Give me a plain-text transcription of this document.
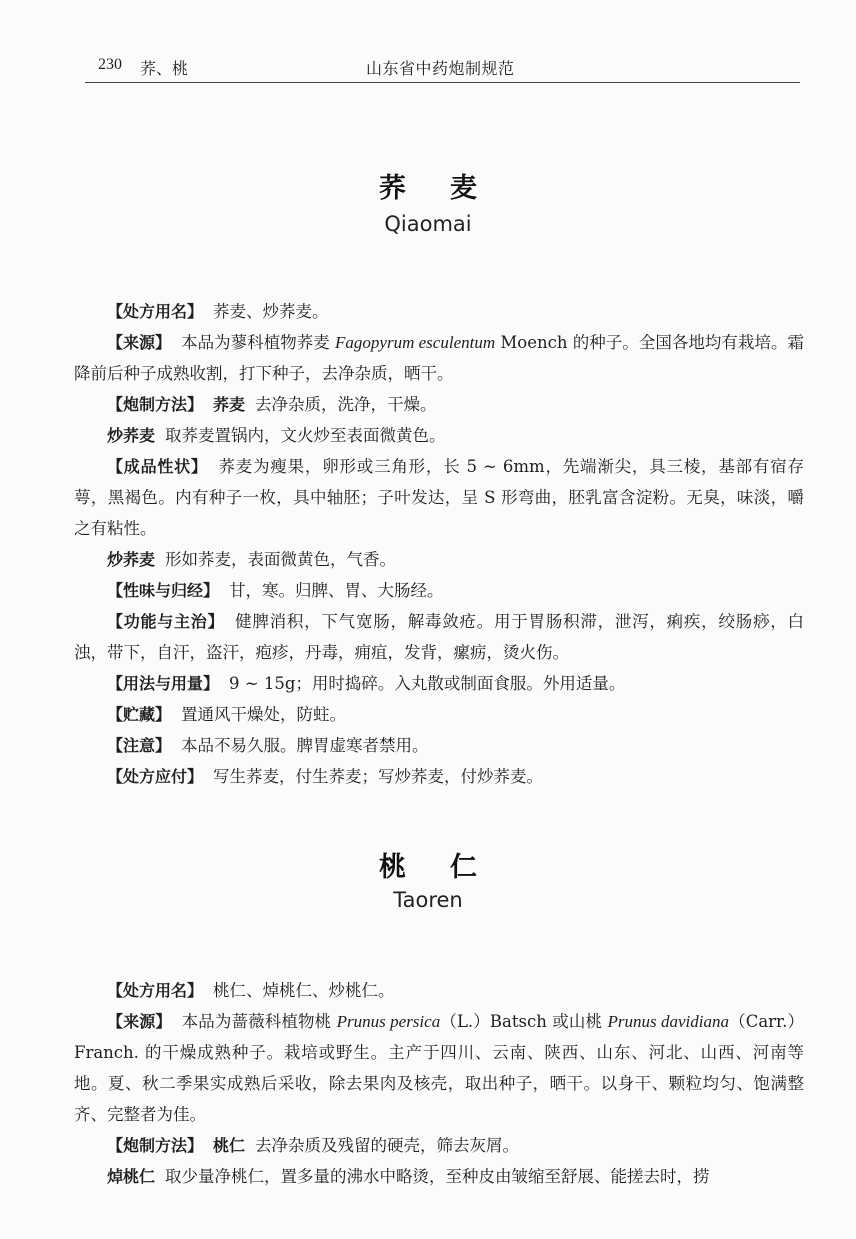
230 荞、桃	山东省中药炮制规范
荞麦
Qiaomai

【处方用名】 荞麦、炒荞麦。

【来源】 本品为蓼科植物荞麦 Fagopyrum esculentum Moench 的种子。全国各地均有栽培。霜降前后种子成熟收割，打下种子，去净杂质，晒干。

【炮制方法】 荞麦 去净杂质，洗净，干燥。

炒荞麦 取荞麦置锅内，文火炒至表面微黄色。

【成品性状】 荞麦为瘦果，卵形或三角形，长 5 ~ 6mm，先端渐尖，具三棱，基部有宿存萼，黑褐色。内有种子一枚，具中轴胚；子叶发达，呈 S 形弯曲，胚乳富含淀粉。无臭，味淡，嚼之有粘性。

炒荞麦 形如荞麦，表面微黄色，气香。

【性味与归经】 甘，寒。归脾、胃、大肠经。

【功能与主治】 健脾消积，下气宽肠，解毒敛疮。用于胃肠积滞，泄泻，痢疾，绞肠痧，白浊，带下，自汗，盗汗，疱疹，丹毒，痈疽，发背，瘰疬，烫火伤。

【用法与用量】 9 ~ 15g；用时捣碎。入丸散或制面食服。外用适量。

【贮藏】 置通风干燥处，防蛀。

【注意】 本品不易久服。脾胃虚寒者禁用。

【处方应付】 写生荞麦，付生荞麦；写炒荞麦，付炒荞麦。

桃仁
Taoren

【处方用名】 桃仁、焯桃仁、炒桃仁。

【来源】 本品为蔷薇科植物桃 Prunus persica（L.）Batsch 或山桃 Prunus davidiana（Carr.）Franch. 的干燥成熟种子。栽培或野生。主产于四川、云南、陕西、山东、河北、山西、河南等地。夏、秋二季果实成熟后采收，除去果肉及核壳，取出种子，晒干。以身干、颗粒均匀、饱满整齐、完整者为佳。

【炮制方法】 桃仁 去净杂质及残留的硬壳，筛去灰屑。

焯桃仁 取少量净桃仁，置多量的沸水中略烫，至种皮由皱缩至舒展、能搓去时，捞
